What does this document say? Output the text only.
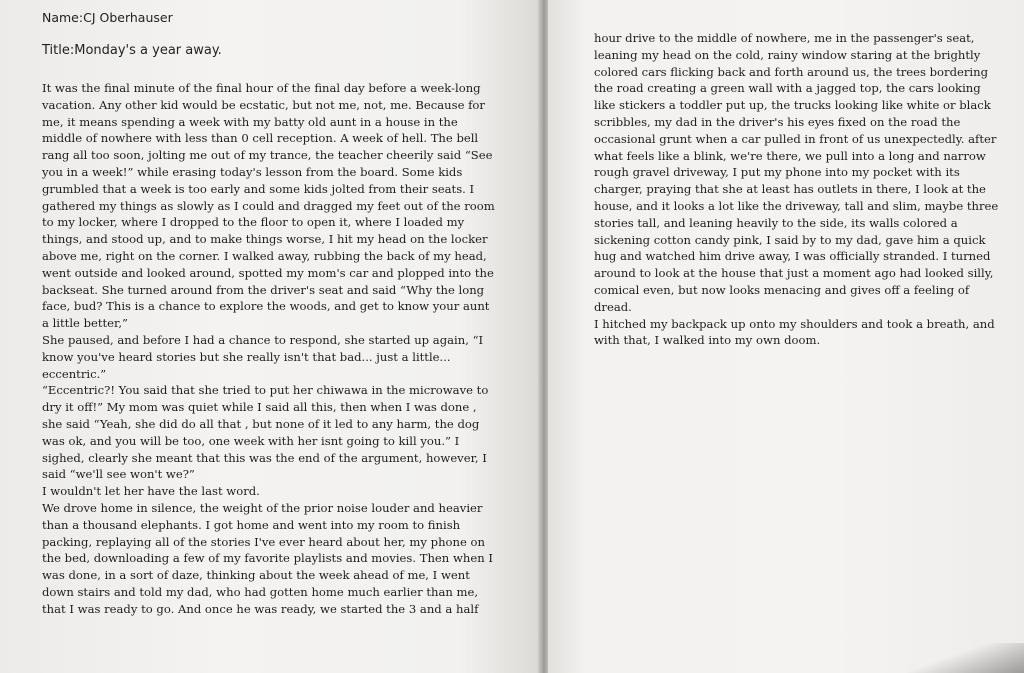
Name:CJ Oberhauser

Title:Monday's a year away.

It was the final minute of the final hour of the final day before a week-long vacation. Any other kid would be ecstatic, but not me, not, me. Because for me, it means spending a week with my batty old aunt in a house in the middle of nowhere with less than 0 cell reception. A week of hell. The bell rang all too soon, jolting me out of my trance, the teacher cheerily said “See you in a week!” while erasing today's lesson from the board. Some kids grumbled that a week is too early and some kids jolted from their seats. I gathered my things as slowly as I could and dragged my feet out of the room to my locker, where I dropped to the floor to open it, where I loaded my things, and stood up, and to make things worse, I hit my head on the locker above me, right on the corner. I walked away, rubbing the back of my head, went outside and looked around, spotted my mom's car and plopped into the backseat. She turned around from the driver's seat and said “Why the long face, bud? This is a chance to explore the woods, and get to know your aunt a little better,”

She paused, and before I had a chance to respond, she started up again, “I know you've heard stories but she really isn't that bad... just a little... eccentric.”

“Eccentric?! You said that she tried to put her chiwawa in the microwave to dry it off!” My mom was quiet while I said all this, then when I was done , she said “Yeah, she did do all that , but none of it led to any harm, the dog was ok, and you will be too, one week with her isnt going to kill you.” I sighed, clearly she meant that this was the end of the argument, however, I said “we'll see won't we?”

I wouldn't let her have the last word.

We drove home in silence, the weight of the prior noise louder and heavier than a thousand elephants. I got home and went into my room to finish packing, replaying all of the stories I've ever heard about her, my phone on the bed, downloading a few of my favorite playlists and movies. Then when I was done, in a sort of daze, thinking about the week ahead of me, I went down stairs and told my dad, who had gotten home much earlier than me, that I was ready to go. And once he was ready, we started the 3 and a half

hour drive to the middle of nowhere, me in the passenger's seat, leaning my head on the cold, rainy window staring at the brightly colored cars flicking back and forth around us, the trees bordering the road creating a green wall with a jagged top, the cars looking like stickers a toddler put up, the trucks looking like white or black scribbles, my dad in the driver's his eyes fixed on the road the occasional grunt when a car pulled in front of us unexpectedly. after what feels like a blink, we're there, we pull into a long and narrow rough gravel driveway, I put my phone into my pocket with its charger, praying that she at least has outlets in there, I look at the house, and it looks a lot like the driveway, tall and slim, maybe three stories tall, and leaning heavily to the side, its walls colored a sickening cotton candy pink, I said by to my dad, gave him a quick hug and watched him drive away, I was officially stranded. I turned around to look at the house that just a moment ago had looked silly, comical even, but now looks menacing and gives off a feeling of dread.

I hitched my backpack up onto my shoulders and took a breath, and with that, I walked into my own doom.
